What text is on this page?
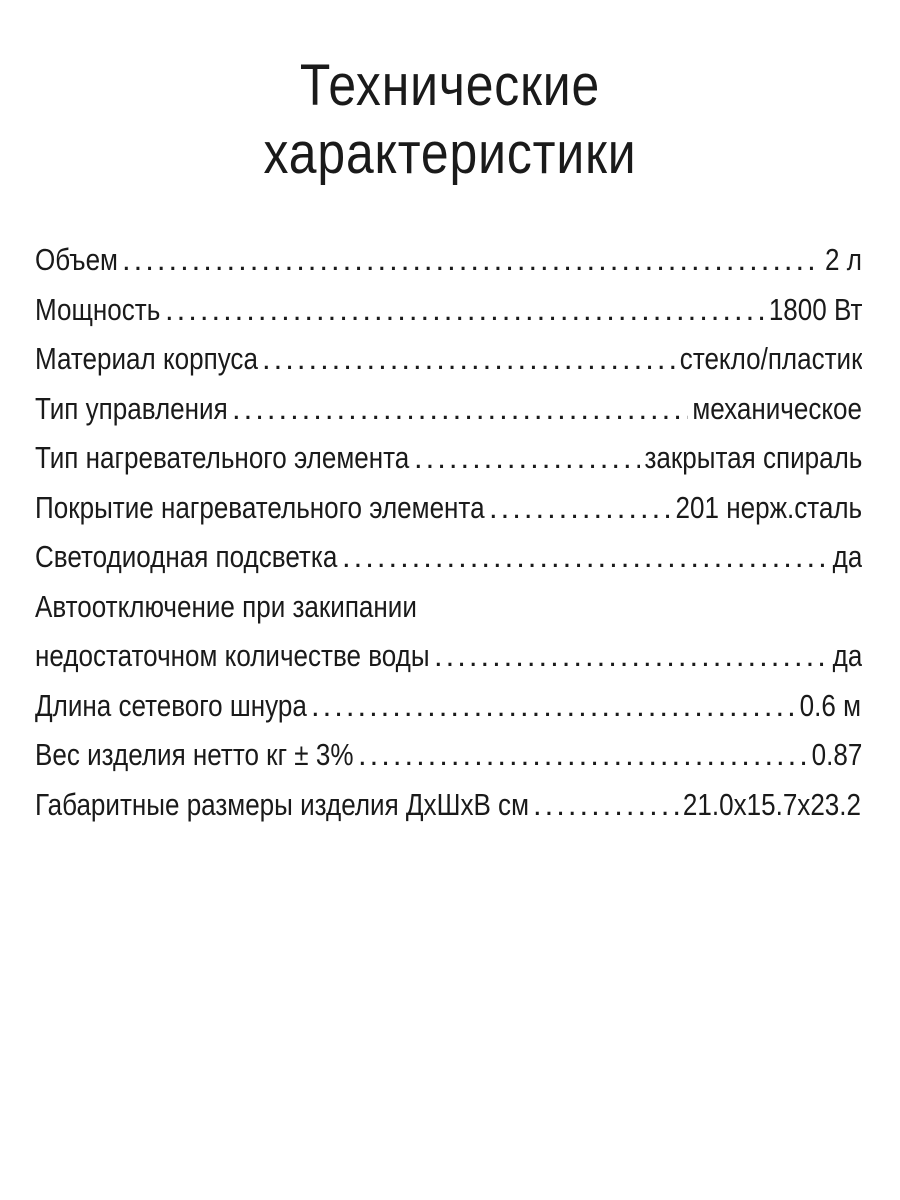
Технические
характеристики
Объем .....	2 л
Мощность .....	1800 Вт
Материал корпуса .....	стекло/пластик
Тип управления .....	механическое
Тип нагревательного элемента .....	закрытая спираль
Покрытие нагревательного элемента .....	201 нерж.сталь
Светодиодная подсветка .....	да
Автоотключение при закипании
недостаточном количестве воды .....	да
Длина сетевого шнура .....	0.6 м
Вес изделия нетто кг ± 3% .....	0.87
Габаритные размеры изделия ДхШхВ см .....	21.0x15.7x23.2
